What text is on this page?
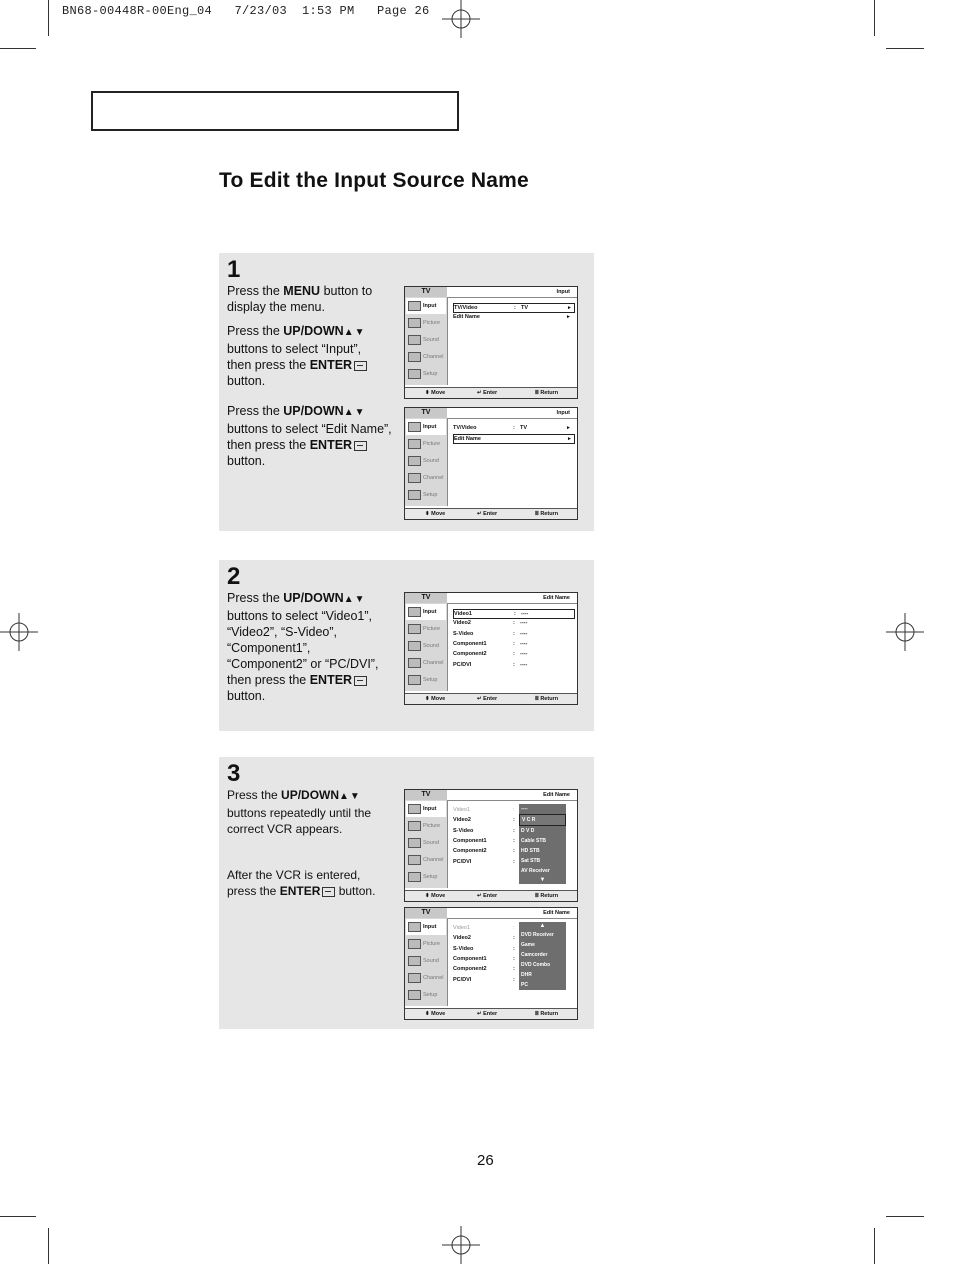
BN68-00448R-00Eng_04   7/23/03  1:53 PM   Page 26
To Edit the Input Source Name
1
2
3
Press the MENU button to display the menu.
Press the UP/DOWN▲▼ buttons to select “Input”, then press the ENTER button.
Press the UP/DOWN▲▼ buttons to select “Edit Name”, then press the ENTER button.
Press the UP/DOWN▲▼ buttons to select “Video1”, “Video2”, “S-Video”, “Component1”, “Component2” or “PC/DVI”, then press the ENTER button.
Press the UP/DOWN▲▼ buttons repeatedly until the correct VCR appears.
After the VCR is entered, press the ENTER button.
TV	Input
Input
Picture
Sound
Channel
Setup
TV/Video	: TV	►
Edit Name	►
⬍ Move	↵ Enter	Ⅲ Return
TV	Input
Input
Picture
Sound
Channel
Setup
TV/Video	: TV	►
Edit Name	►
⬍ Move	↵ Enter	Ⅲ Return
TV	Edit Name
Input
Picture
Sound
Channel
Setup
Video1	: ----
Video2	: ----
S-Video	: ----
Component1	: ----
Component2	: ----
PC/DVI	: ----
⬍ Move	↵ Enter	Ⅲ Return
TV	Edit Name
Input
Picture
Sound
Channel
Setup
Video1	:
Video2	:
S-Video	:
Component1	:
Component2	:
PC/DVI	:
----
V C R
D V D
Cable STB
HD STB
Sat STB
AV Receiver
▼
⬍ Move	↵ Enter	Ⅲ Return
TV	Edit Name
Input
Picture
Sound
Channel
Setup
Video1	:
Video2	:
S-Video	:
Component1	:
Component2	:
PC/DVI	:
▲
DVD Receiver
Game
Camcorder
DVD Combo
DHR
PC
⬍ Move	↵ Enter	Ⅲ Return
26
